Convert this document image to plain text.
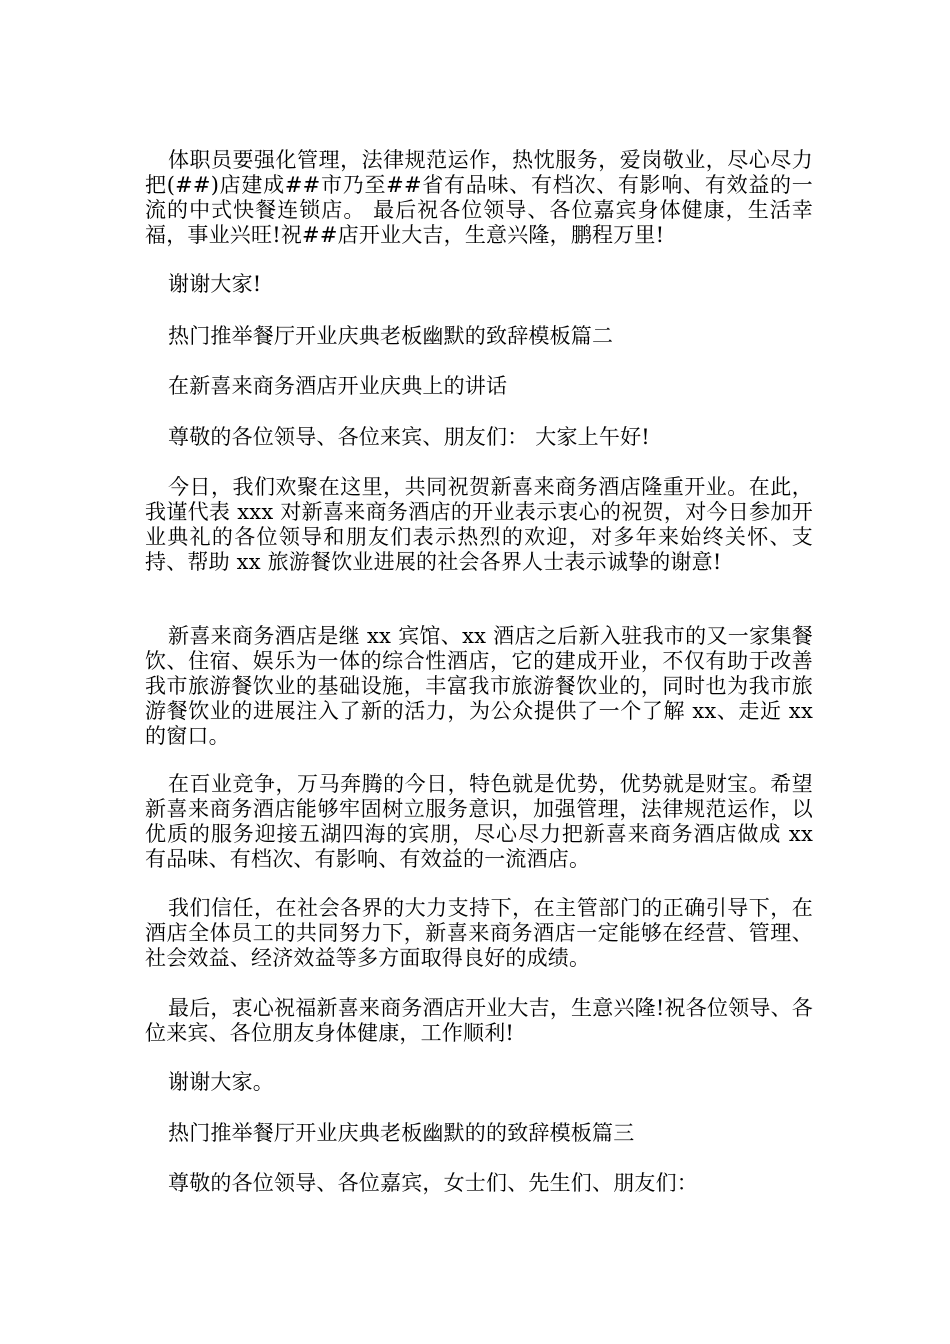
体职员要强化管理，法律规范运作，热忱服务，爱岗敬业，尽心尽力把(##)店建成##市乃至##省有品味、有档次、有影响、有效益的一流的中式快餐连锁店。 最后祝各位领导、各位嘉宾身体健康，生活幸福，事业兴旺!祝##店开业大吉，生意兴隆，鹏程万里!

谢谢大家!

热门推举餐厅开业庆典老板幽默的致辞模板篇二

在新喜来商务酒店开业庆典上的讲话

尊敬的各位领导、各位来宾、朋友们： 大家上午好!

今日，我们欢聚在这里，共同祝贺新喜来商务酒店隆重开业。在此，我谨代表 xxx 对新喜来商务酒店的开业表示衷心的祝贺，对今日参加开业典礼的各位领导和朋友们表示热烈的欢迎，对多年来始终关怀、支持、帮助 xx 旅游餐饮业进展的社会各界人士表示诚挚的谢意!

新喜来商务酒店是继 xx 宾馆、xx 酒店之后新入驻我市的又一家集餐饮、住宿、娱乐为一体的综合性酒店，它的建成开业，不仅有助于改善我市旅游餐饮业的基础设施，丰富我市旅游餐饮业的，同时也为我市旅游餐饮业的进展注入了新的活力，为公众提供了一个了解 xx、走近 xx 的窗口。

在百业竞争，万马奔腾的今日，特色就是优势，优势就是财宝。希望新喜来商务酒店能够牢固树立服务意识，加强管理，法律规范运作，以优质的服务迎接五湖四海的宾朋，尽心尽力把新喜来商务酒店做成 xx 有品味、有档次、有影响、有效益的一流酒店。

我们信任，在社会各界的大力支持下，在主管部门的正确引导下，在酒店全体员工的共同努力下，新喜来商务酒店一定能够在经营、管理、社会效益、经济效益等多方面取得良好的成绩。

最后，衷心祝福新喜来商务酒店开业大吉，生意兴隆!祝各位领导、各位来宾、各位朋友身体健康，工作顺利!

谢谢大家。

热门推举餐厅开业庆典老板幽默的的致辞模板篇三

尊敬的各位领导、各位嘉宾，女士们、先生们、朋友们：
